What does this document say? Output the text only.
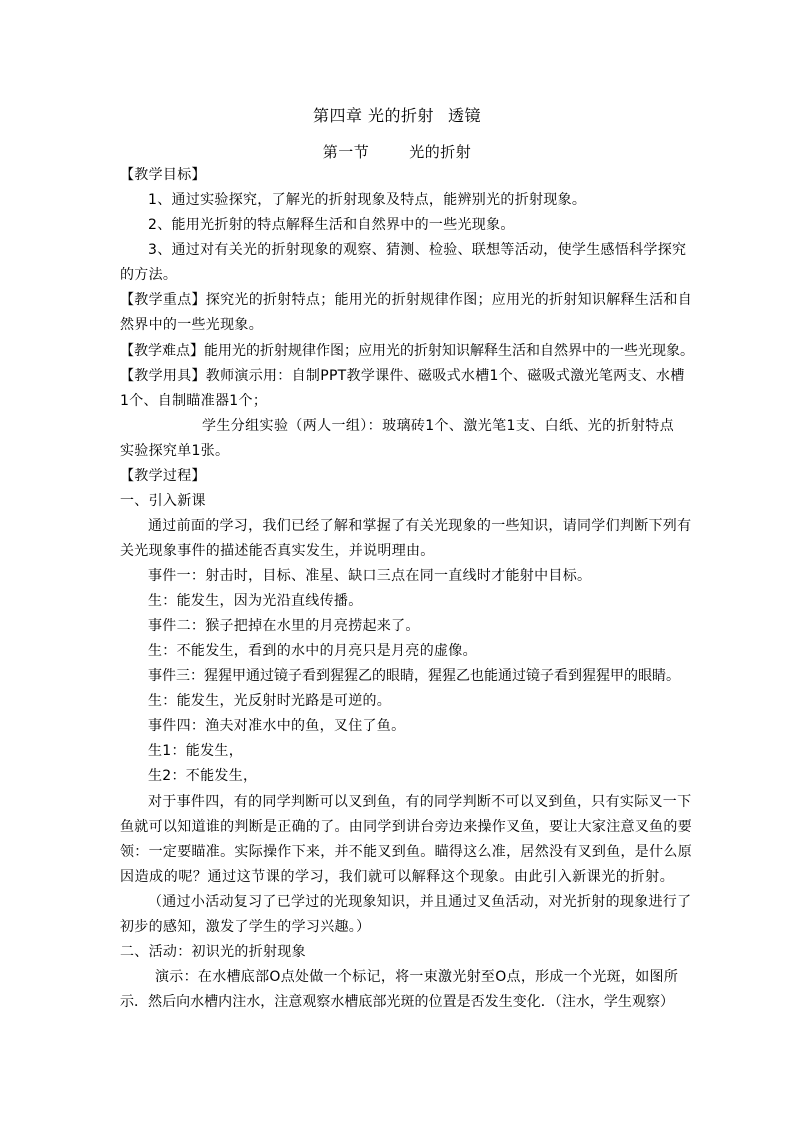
第四章 光的折射 透镜
第一节	光的折射
【教学目标】
1、通过实验探究，了解光的折射现象及特点，能辨别光的折射现象。
2、能用光折射的特点解释生活和自然界中的一些光现象。
3、通过对有关光的折射现象的观察、猜测、检验、联想等活动，使学生感悟科学探究
的方法。
【教学重点】探究光的折射特点；能用光的折射规律作图；应用光的折射知识解释生活和自
然界中的一些光现象。
【教学难点】能用光的折射规律作图；应用光的折射知识解释生活和自然界中的一些光现象。
【教学用具】教师演示用：自制PPT教学课件、磁吸式水槽1个、磁吸式激光笔两支、水槽
1个、自制瞄准器1个；
学生分组实验（两人一组）：玻璃砖1个、激光笔1支、白纸、光的折射特点
实验探究单1张。
【教学过程】
一、引入新课
通过前面的学习，我们已经了解和掌握了有关光现象的一些知识，请同学们判断下列有
关光现象事件的描述能否真实发生，并说明理由。
事件一：射击时，目标、准星、缺口三点在同一直线时才能射中目标。
生：能发生，因为光沿直线传播。
事件二：猴子把掉在水里的月亮捞起来了。
生：不能发生，看到的水中的月亮只是月亮的虚像。
事件三：猩猩甲通过镜子看到猩猩乙的眼睛，猩猩乙也能通过镜子看到猩猩甲的眼睛。
生：能发生，光反射时光路是可逆的。
事件四：渔夫对准水中的鱼，叉住了鱼。
生1：能发生，
生2：不能发生，
对于事件四，有的同学判断可以叉到鱼，有的同学判断不可以叉到鱼，只有实际叉一下
鱼就可以知道谁的判断是正确的了。由同学到讲台旁边来操作叉鱼，要让大家注意叉鱼的要
领：一定要瞄准。实际操作下来，并不能叉到鱼。瞄得这么准，居然没有叉到鱼，是什么原
因造成的呢？通过这节课的学习，我们就可以解释这个现象。由此引入新课光的折射。
（通过小活动复习了已学过的光现象知识，并且通过叉鱼活动，对光折射的现象进行了
初步的感知，激发了学生的学习兴趣。）
二、活动：初识光的折射现象
演示：在水槽底部O点处做一个标记，将一束激光射至O点，形成一个光斑，如图所
示．然后向水槽内注水，注意观察水槽底部光斑的位置是否发生变化．（注水，学生观察）
